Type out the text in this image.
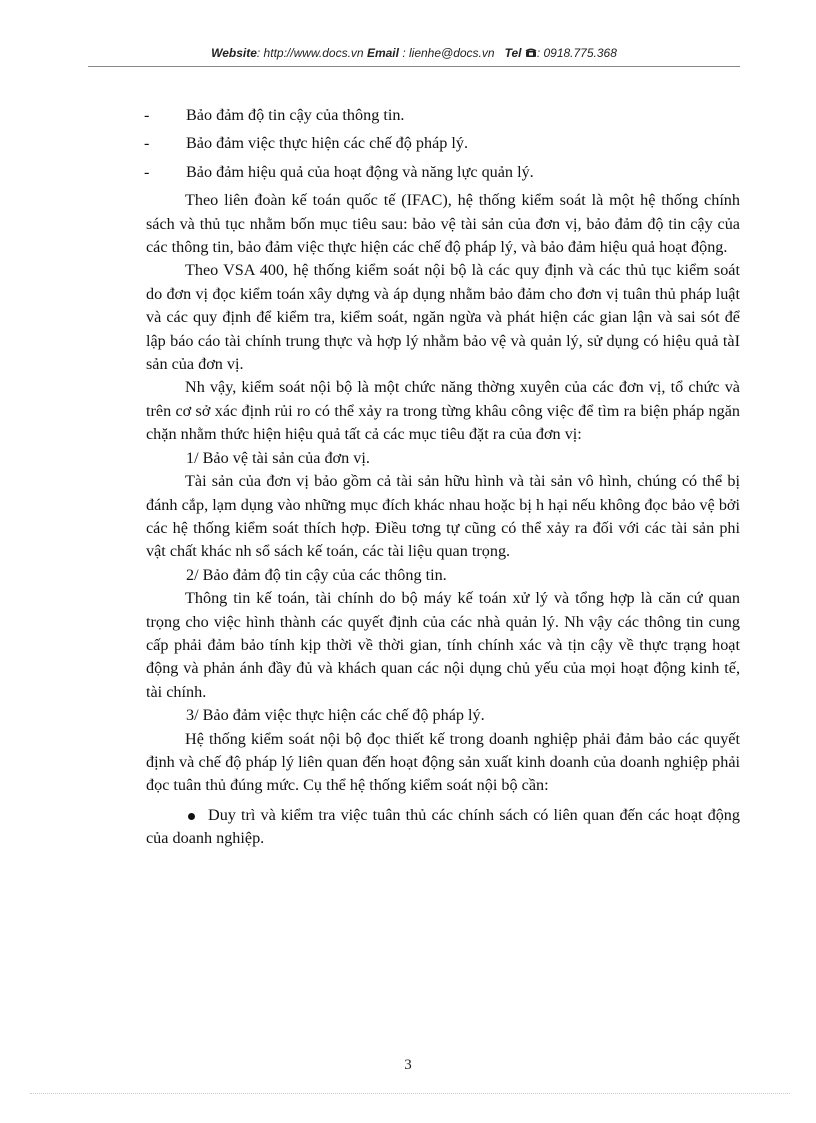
Website: http://www.docs.vn Email : lienhe@docs.vn Tel : 0918.775.368

- Bảo đảm độ tin cậy của thông tin.

- Bảo đảm việc thực hiện các chế độ pháp lý.

- Bảo đảm hiệu quả của hoạt động và năng lực quản lý.

Theo liên đoàn kế toán quốc tế (IFAC), hệ thống kiểm soát là một hệ thống chính sách và thủ tục nhằm bốn mục tiêu sau: bảo vệ tài sản của đơn vị, bảo đảm độ tin cậy của các thông tin, bảo đảm việc thực hiện các chế độ pháp lý, và bảo đảm hiệu quả hoạt động.

Theo VSA 400, hệ thống kiểm soát nội bộ là các quy định và các thủ tục kiểm soát do đơn vị đọc kiểm toán xây dựng và áp dụng nhằm bảo đảm cho đơn vị tuân thủ pháp luật và các quy định để kiểm tra, kiểm soát, ngăn ngừa và phát hiện các gian lận và sai sót để lập báo cáo tài chính trung thực và hợp lý nhằm bảo vệ và quản lý, sử dụng có hiệu quả tàI sản của đơn vị.

Nh vậy, kiểm soát nội bộ là một chức năng thờng xuyên của các đơn vị, tổ chức và trên cơ sở xác định rủi ro có thể xảy ra trong từng khâu công việc để tìm ra biện pháp ngăn chặn nhằm thức hiện hiệu quả tất cả các mục tiêu đặt ra của đơn vị:

1/ Bảo vệ tài sản của đơn vị.

Tài sản của đơn vị bảo gồm cả tài sản hữu hình và tài sản vô hình, chúng có thể bị đánh cắp, lạm dụng vào những mục đích khác nhau hoặc bị h hại nếu không đọc bảo vệ bởi các hệ thống kiểm soát thích hợp. Điều tơng tự cũng có thể xảy ra đối với các tài sản phi vật chất khác nh sổ sách kế toán, các tài liệu quan trọng.

2/ Bảo đảm độ tin cậy của các thông tin.

Thông tin kế toán, tài chính do bộ máy kế toán xử lý và tổng hợp là căn cứ quan trọng cho việc hình thành các quyết định của các nhà quản lý. Nh vậy các thông tin cung cấp phải đảm bảo tính kịp thời về thời gian, tính chính xác và tịn cậy về thực trạng hoạt động và phản ánh đầy đủ và khách quan các nội dụng chủ yếu của mọi hoạt động kinh tế, tài chính.

3/ Bảo đảm việc thực hiện các chế độ pháp lý.

Hệ thống kiểm soát nội bộ đọc thiết kế trong doanh nghiệp phải đảm bảo các quyết định và chế độ pháp lý liên quan đến hoạt động sản xuất kinh doanh của doanh nghiệp phải đọc tuân thủ đúng mức. Cụ thể hệ thống kiểm soát nội bộ cần:

Duy trì và kiểm tra việc tuân thủ các chính sách có liên quan đến các hoạt động của doanh nghiệp.

3
